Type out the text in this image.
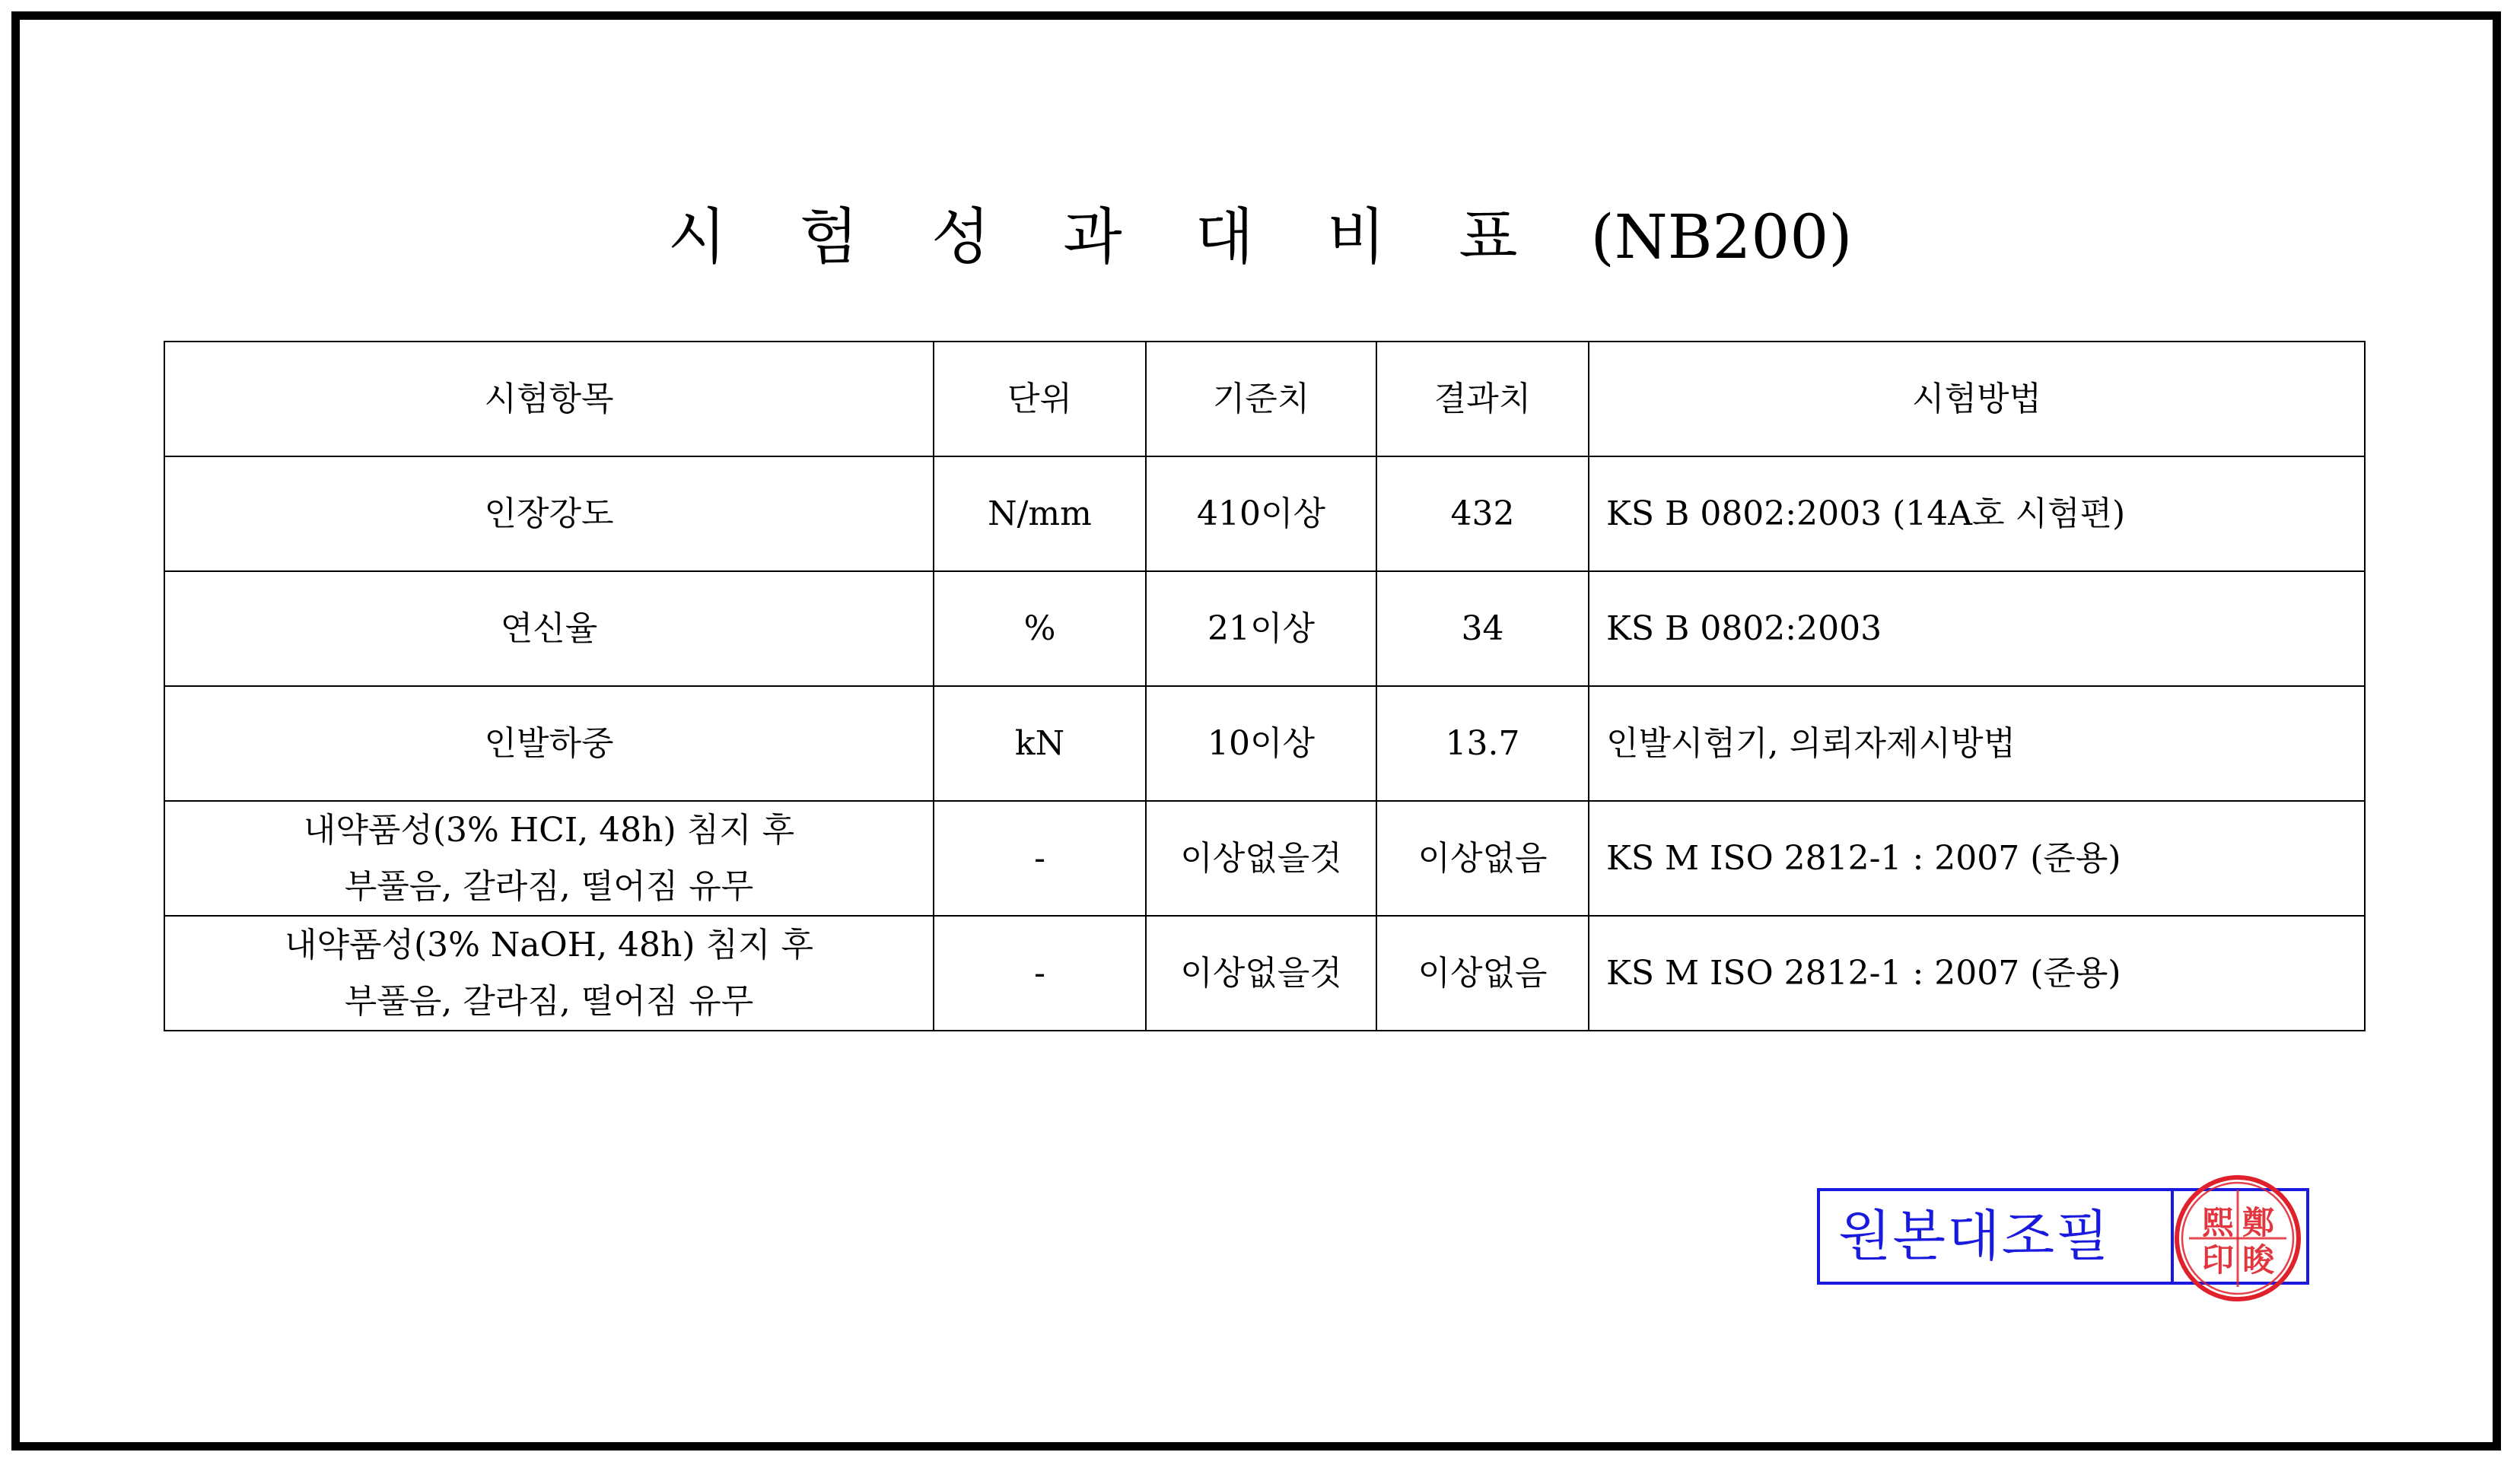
시험성과대비표(NB200)
시험항목	단위	기준치	결과치	시험방법

인장강도	N/mm	410이상	432	KS B 0802:2003 (14A호 시험편)

연신율	%	21이상	34	KS B 0802:2003

인발하중	kN	10이상	13.7	인발시험기, 의뢰자제시방법

내약품성(3% HCI, 48h) 침지 후
부풀음, 갈라짐, 떨어짐 유무	-	이상없을것	이상없음	KS M ISO 2812-1 : 2007 (준용)

내약품성(3% NaOH, 48h) 침지 후
부풀음, 갈라짐, 떨어짐 유무	-	이상없을것	이상없음	KS M ISO 2812-1 : 2007 (준용)
원본대조필	熙 鄭
印 晙
